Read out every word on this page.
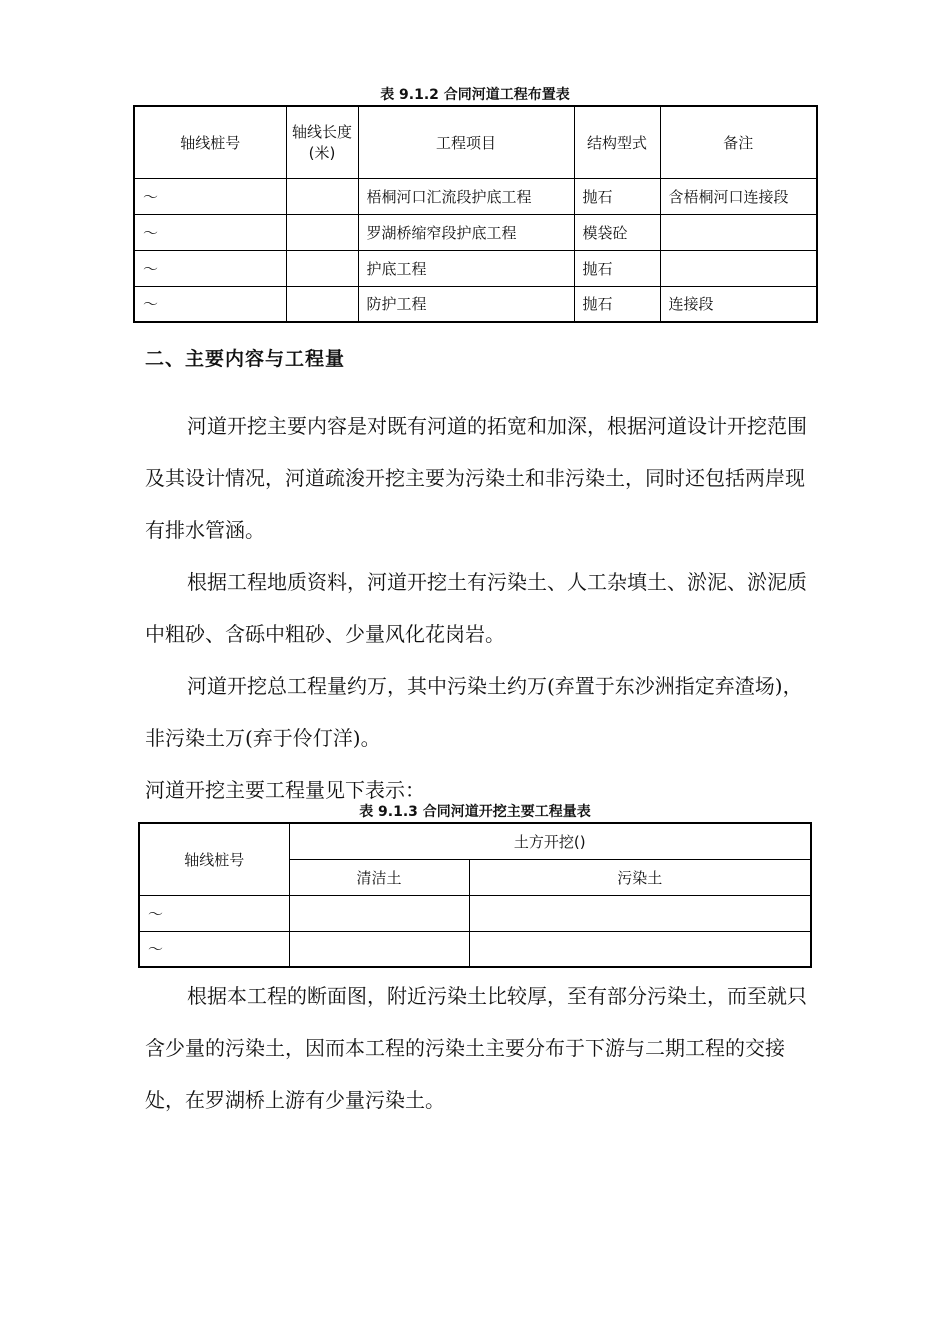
表 9.1.2 合同河道工程布置表
轴线桩号	轴线长度(米)	工程项目	结构型式	备注
～		梧桐河口汇流段护底工程	抛石	含梧桐河口连接段
～		罗湖桥缩窄段护底工程	模袋砼	
～		护底工程	抛石	
～		防护工程	抛石	连接段
二、主要内容与工程量

河道开挖主要内容是对既有河道的拓宽和加深，根据河道设计开挖范围及其设计情况，河道疏浚开挖主要为污染土和非污染土，同时还包括两岸现有排水管涵。

根据工程地质资料，河道开挖土有污染土、人工杂填土、淤泥、淤泥质中粗砂、含砾中粗砂、少量风化花岗岩。

河道开挖总工程量约万，其中污染土约万(弃置于东沙洲指定弃渣场)，非污染土万(弃于伶仃洋)。

河道开挖主要工程量见下表示：

表 9.1.3 合同河道开挖主要工程量表
轴线桩号	土方开挖()	
	清洁土	污染土
～		
～		

根据本工程的断面图，附近污染土比较厚，至有部分污染土，而至就只含少量的污染土，因而本工程的污染土主要分布于下游与二期工程的交接处，在罗湖桥上游有少量污染土。
